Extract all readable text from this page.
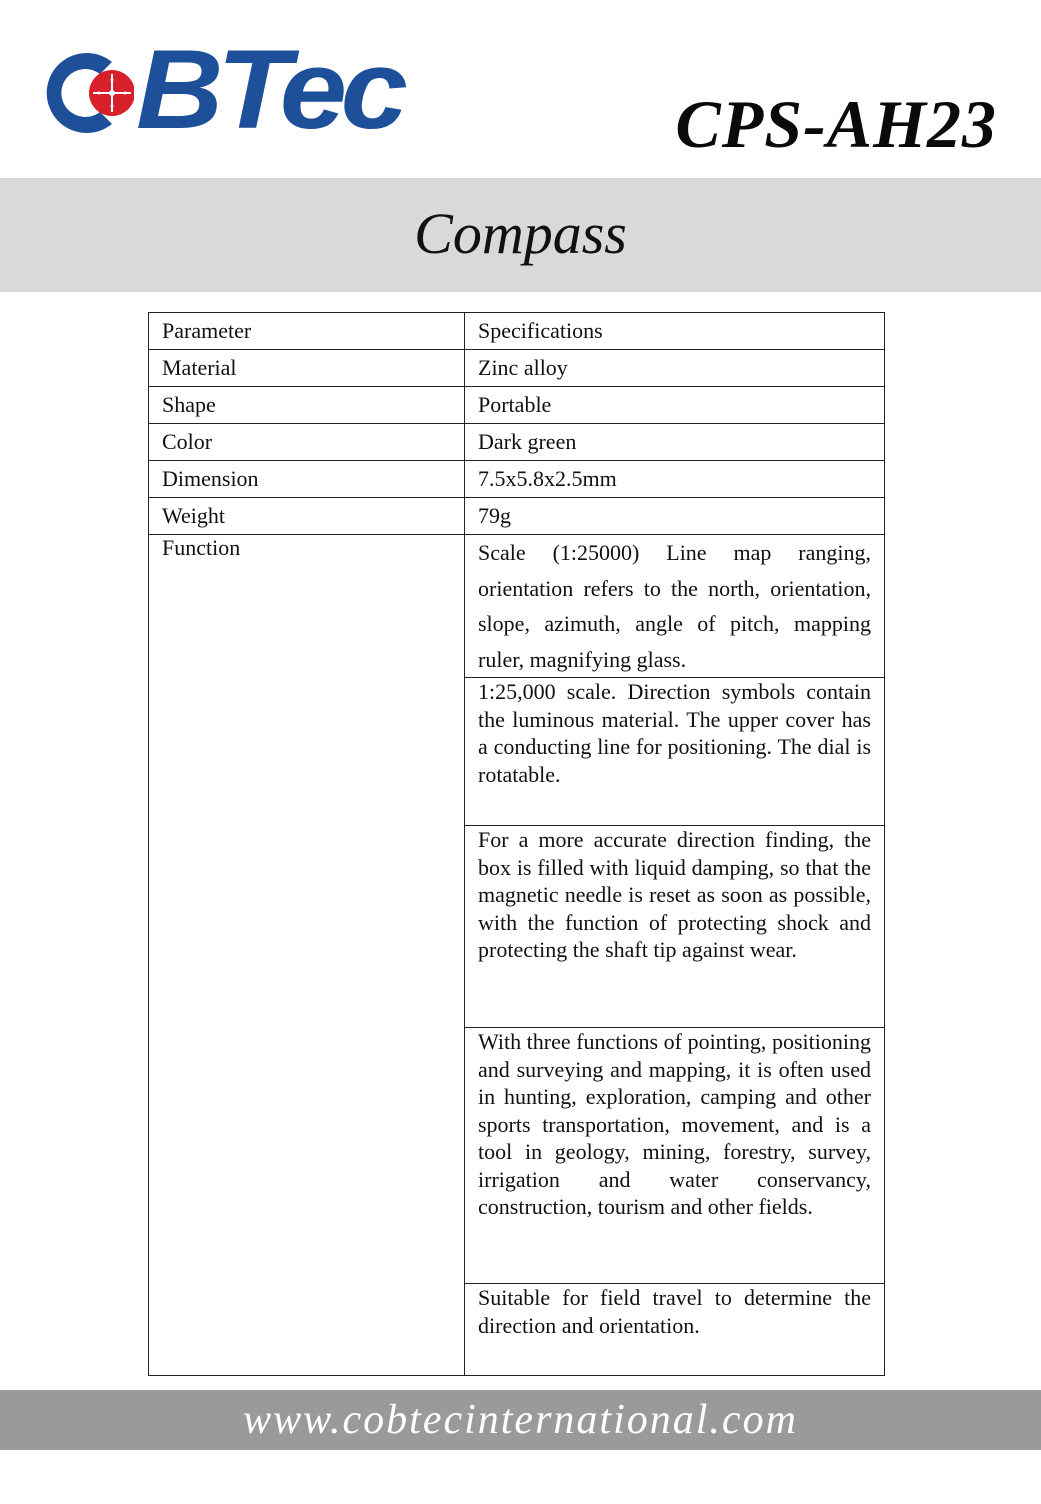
BTec	CPS-AH23
Compass
Parameter	Specifications
Material	Zinc alloy
Shape	Portable
Color	Dark green
Dimension	7.5x5.8x2.5mm
Weight	79g
Function	Scale (1:25000) Line map ranging, orientation refers to the north, orientation, slope, azimuth, angle of pitch, mapping ruler, magnifying glass.
	1:25,000 scale. Direction symbols contain the luminous material. The upper cover has a conducting line for positioning. The dial is rotatable.
	For a more accurate direction finding, the box is filled with liquid damping, so that the magnetic needle is reset as soon as possible, with the function of protecting shock and protecting the shaft tip against wear.
	With three functions of pointing, positioning and surveying and mapping, it is often used in hunting, exploration, camping and other sports transportation, movement, and is a tool in geology, mining, forestry, survey, irrigation and water conservancy, construction, tourism and other fields.
	Suitable for field travel to determine the direction and orientation.
www.cobtecinternational.com
